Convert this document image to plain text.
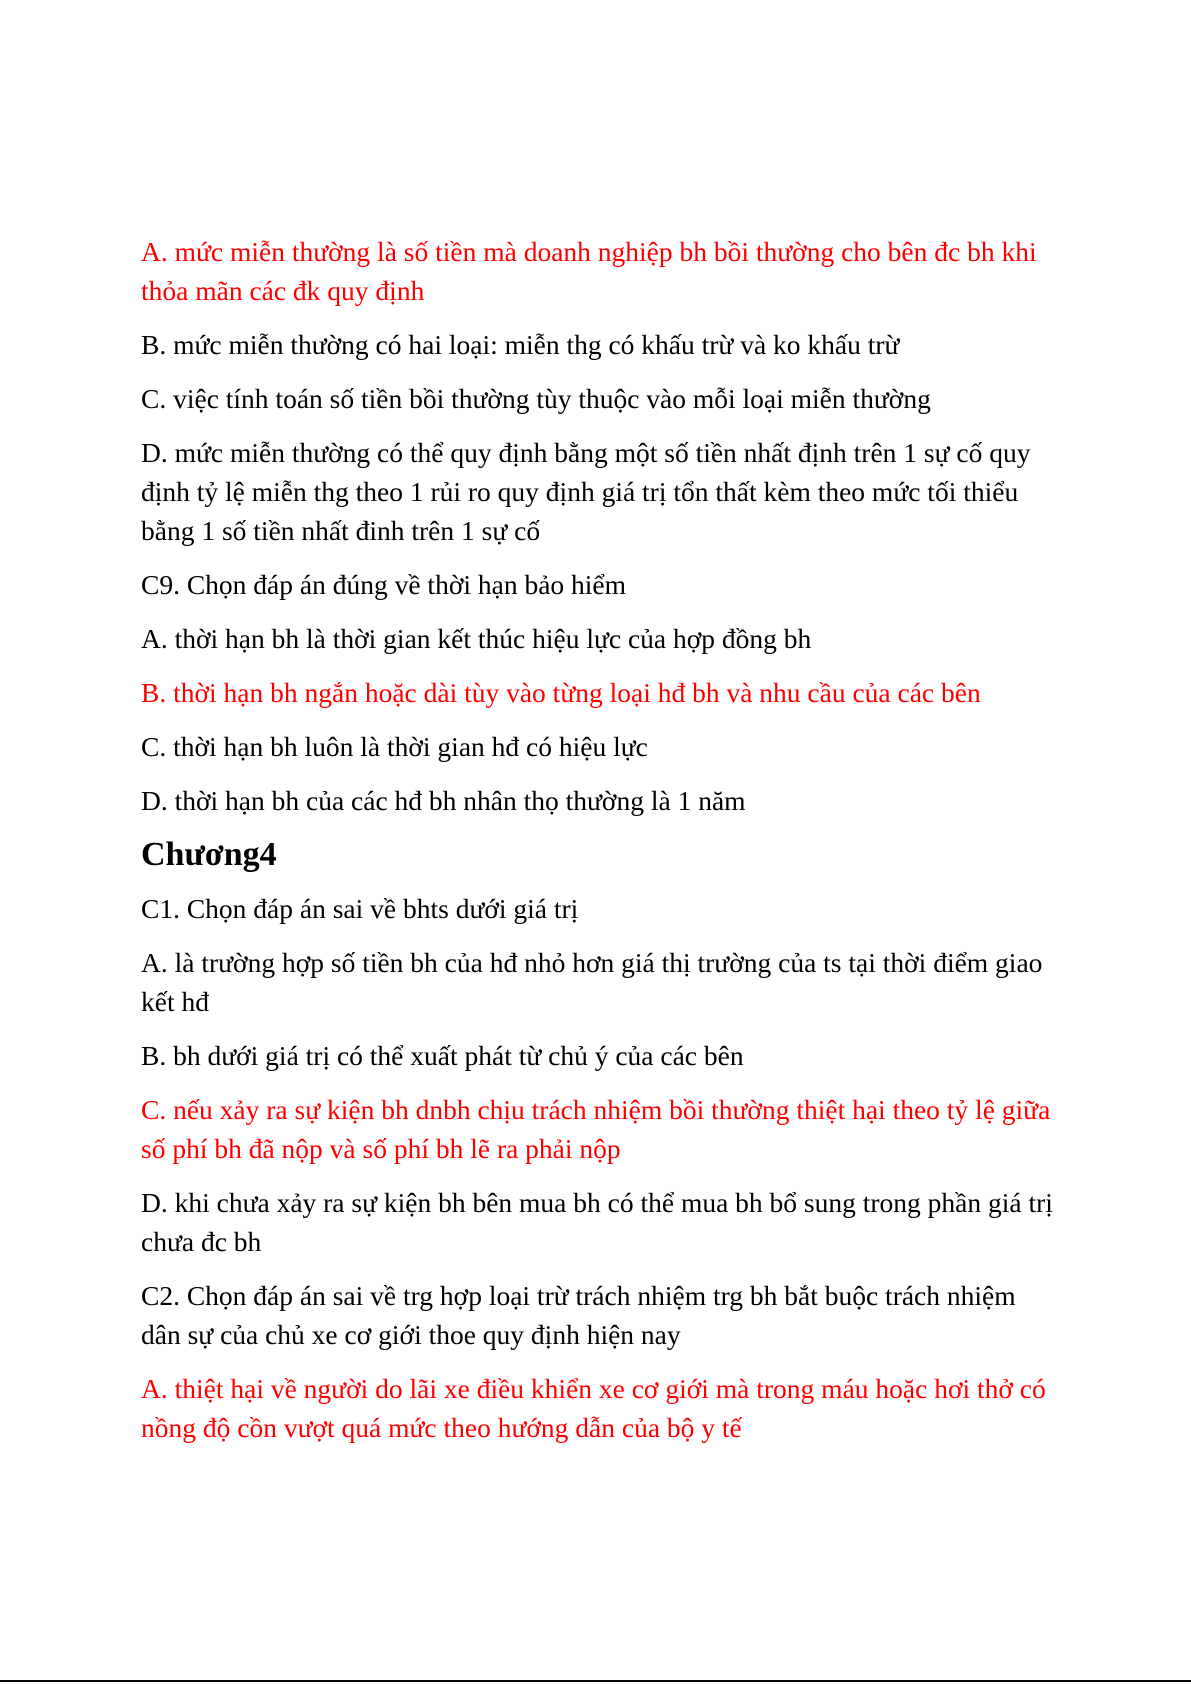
A. mức miễn thường là số tiền mà doanh nghiệp bh bồi thường cho bên đc bh khi thỏa mãn các đk quy định

B. mức miễn thường có hai loại: miễn thg có khấu trừ và ko khấu trừ

C. việc tính toán số tiền bồi thường tùy thuộc vào mỗi loại miễn thường

D. mức miễn thường có thể quy định bằng một số tiền nhất định trên 1 sự cố quy định tỷ lệ miễn thg theo 1 rủi ro quy định giá trị tổn thất kèm theo mức tối thiểu bằng 1 số tiền nhất đinh trên 1 sự cố

C9. Chọn đáp án đúng về thời hạn bảo hiểm

A. thời hạn bh là thời gian kết thúc hiệu lực của hợp đồng bh

B. thời hạn bh ngắn hoặc dài tùy vào từng loại hđ bh và nhu cầu của các bên

C. thời hạn bh luôn là thời gian hđ có hiệu lực

D. thời hạn bh của các hđ bh nhân thọ thường là 1 năm

Chương4

C1. Chọn đáp án sai về bhts dưới giá trị

A. là trường hợp số tiền bh của hđ nhỏ hơn giá thị trường của ts tại thời điểm giao kết hđ

B. bh dưới giá trị có thể xuất phát từ chủ ý của các bên

C. nếu xảy ra sự kiện bh dnbh chịu trách nhiệm bồi thường thiệt hại theo tỷ lệ giữa số phí bh đã nộp và số phí bh lẽ ra phải nộp

D. khi chưa xảy ra sự kiện bh bên mua bh có thể mua bh bổ sung trong phần giá trị chưa đc bh

C2. Chọn đáp án sai về trg hợp loại trừ trách nhiệm trg bh bắt buộc trách nhiệm dân sự của chủ xe cơ giới thoe quy định hiện nay

A. thiệt hại về người do lãi xe điều khiển xe cơ giới mà trong máu hoặc hơi thở có nồng độ cồn vượt quá mức theo hướng dẫn của bộ y tế
